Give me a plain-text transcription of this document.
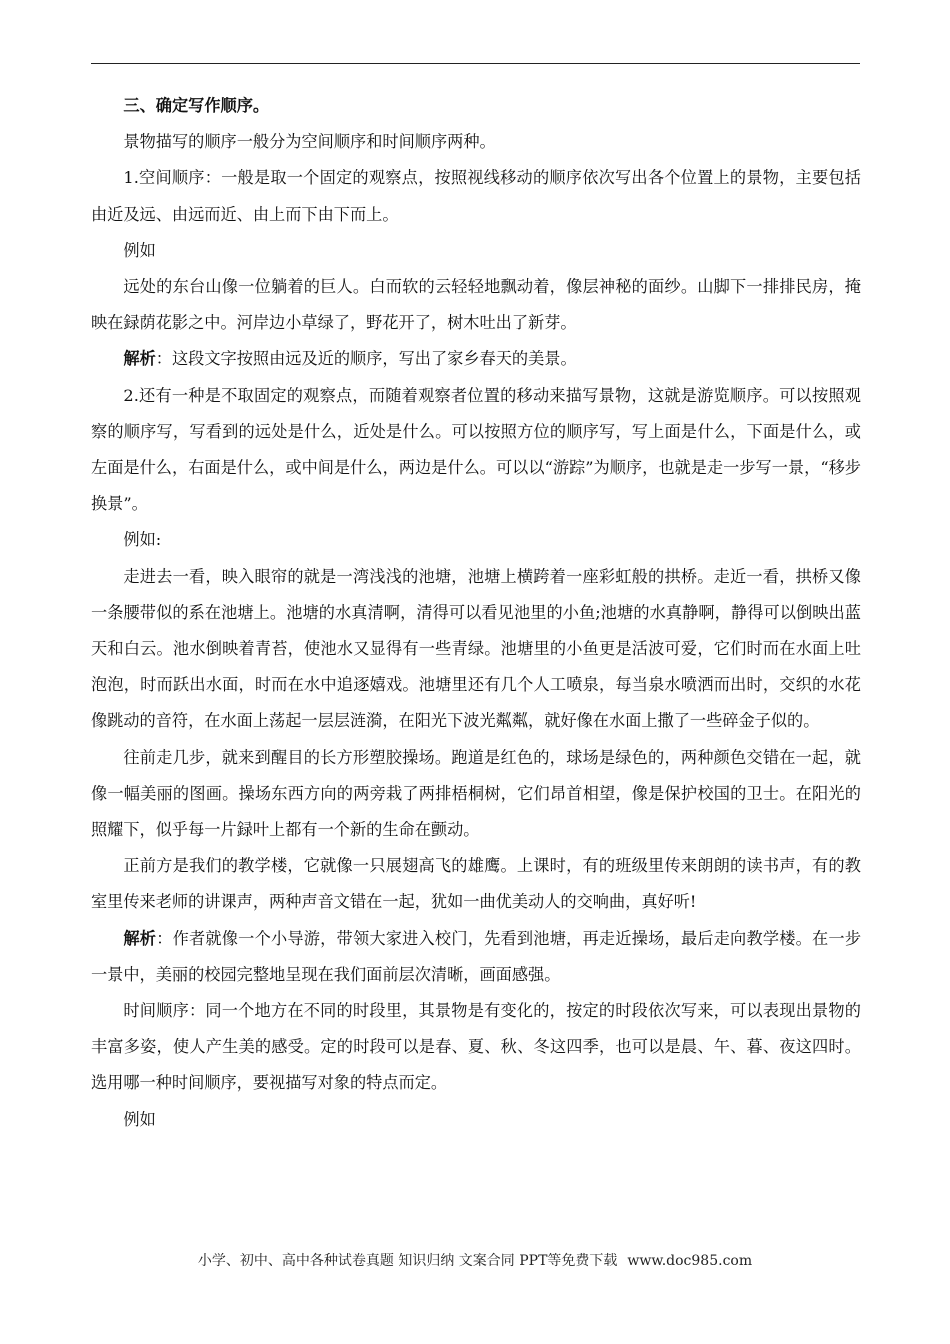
三、确定写作顺序。

景物描写的顺序一般分为空间顺序和时间顺序两种。

1.空间顺序：一般是取一个固定的观察点，按照视线移动的顺序依次写出各个位置上的景物，主要包括由近及远、由远而近、由上而下由下而上。

例如

远处的东台山像一位躺着的巨人。白而软的云轻轻地飘动着，像层神秘的面纱。山脚下一排排民房，掩映在録荫花影之中。河岸边小草绿了，野花开了，树木吐出了新芽。

解析：这段文字按照由远及近的顺序，写出了家乡春天的美景。

2.还有一种是不取固定的观察点，而随着观察者位置的移动来描写景物，这就是游览顺序。可以按照观察的顺序写，写看到的远处是什么，近处是什么。可以按照方位的顺序写，写上面是什么，下面是什么，或左面是什么，右面是什么，或中间是什么，两边是什么。可以以“游踪”为顺序，也就是走一步写一景，“移步换景”。

例如:

走进去一看，映入眼帘的就是一湾浅浅的池塘，池塘上横跨着一座彩虹般的拱桥。走近一看，拱桥又像一条腰带似的系在池塘上。池塘的水真清啊，清得可以看见池里的小鱼;池塘的水真静啊，静得可以倒映出蓝天和白云。池水倒映着青苔，使池水又显得有一些青绿。池塘里的小鱼更是活波可爱，它们时而在水面上吐泡泡，时而跃出水面，时而在水中追逐嬉戏。池塘里还有几个人工喷泉，每当泉水喷洒而出时，交织的水花像跳动的音符，在水面上荡起一层层涟漪，在阳光下波光粼粼，就好像在水面上撒了一些碎金子似的。

往前走几步，就来到醒目的长方形塑胶操场。跑道是红色的，球场是绿色的，两种颜色交错在一起，就像一幅美丽的图画。操场东西方向的两旁栽了两排梧桐树，它们昂首相望，像是保护校国的卫士。在阳光的照耀下，似乎每一片録叶上都有一个新的生命在颤动。

正前方是我们的教学楼，它就像一只展翅高飞的雄鹰。上课时，有的班级里传来朗朗的读书声，有的教室里传来老师的讲课声，两种声音文错在一起，犹如一曲优美动人的交响曲，真好听!

解析：作者就像一个小导游，带领大家进入校门，先看到池塘，再走近操场，最后走向教学楼。在一步一景中，美丽的校园完整地呈现在我们面前层次清晰，画面感强。

时间顺序：同一个地方在不同的时段里，其景物是有变化的，按定的时段依次写来，可以表现出景物的丰富多姿，使人产生美的感受。定的时段可以是春、夏、秋、冬这四季，也可以是晨、午、暮、夜这四时。选用哪一种时间顺序，要视描写对象的特点而定。

例如

小学、初中、高中各种试卷真题 知识归纳 文案合同 PPT等免费下载 www.doc985.com
